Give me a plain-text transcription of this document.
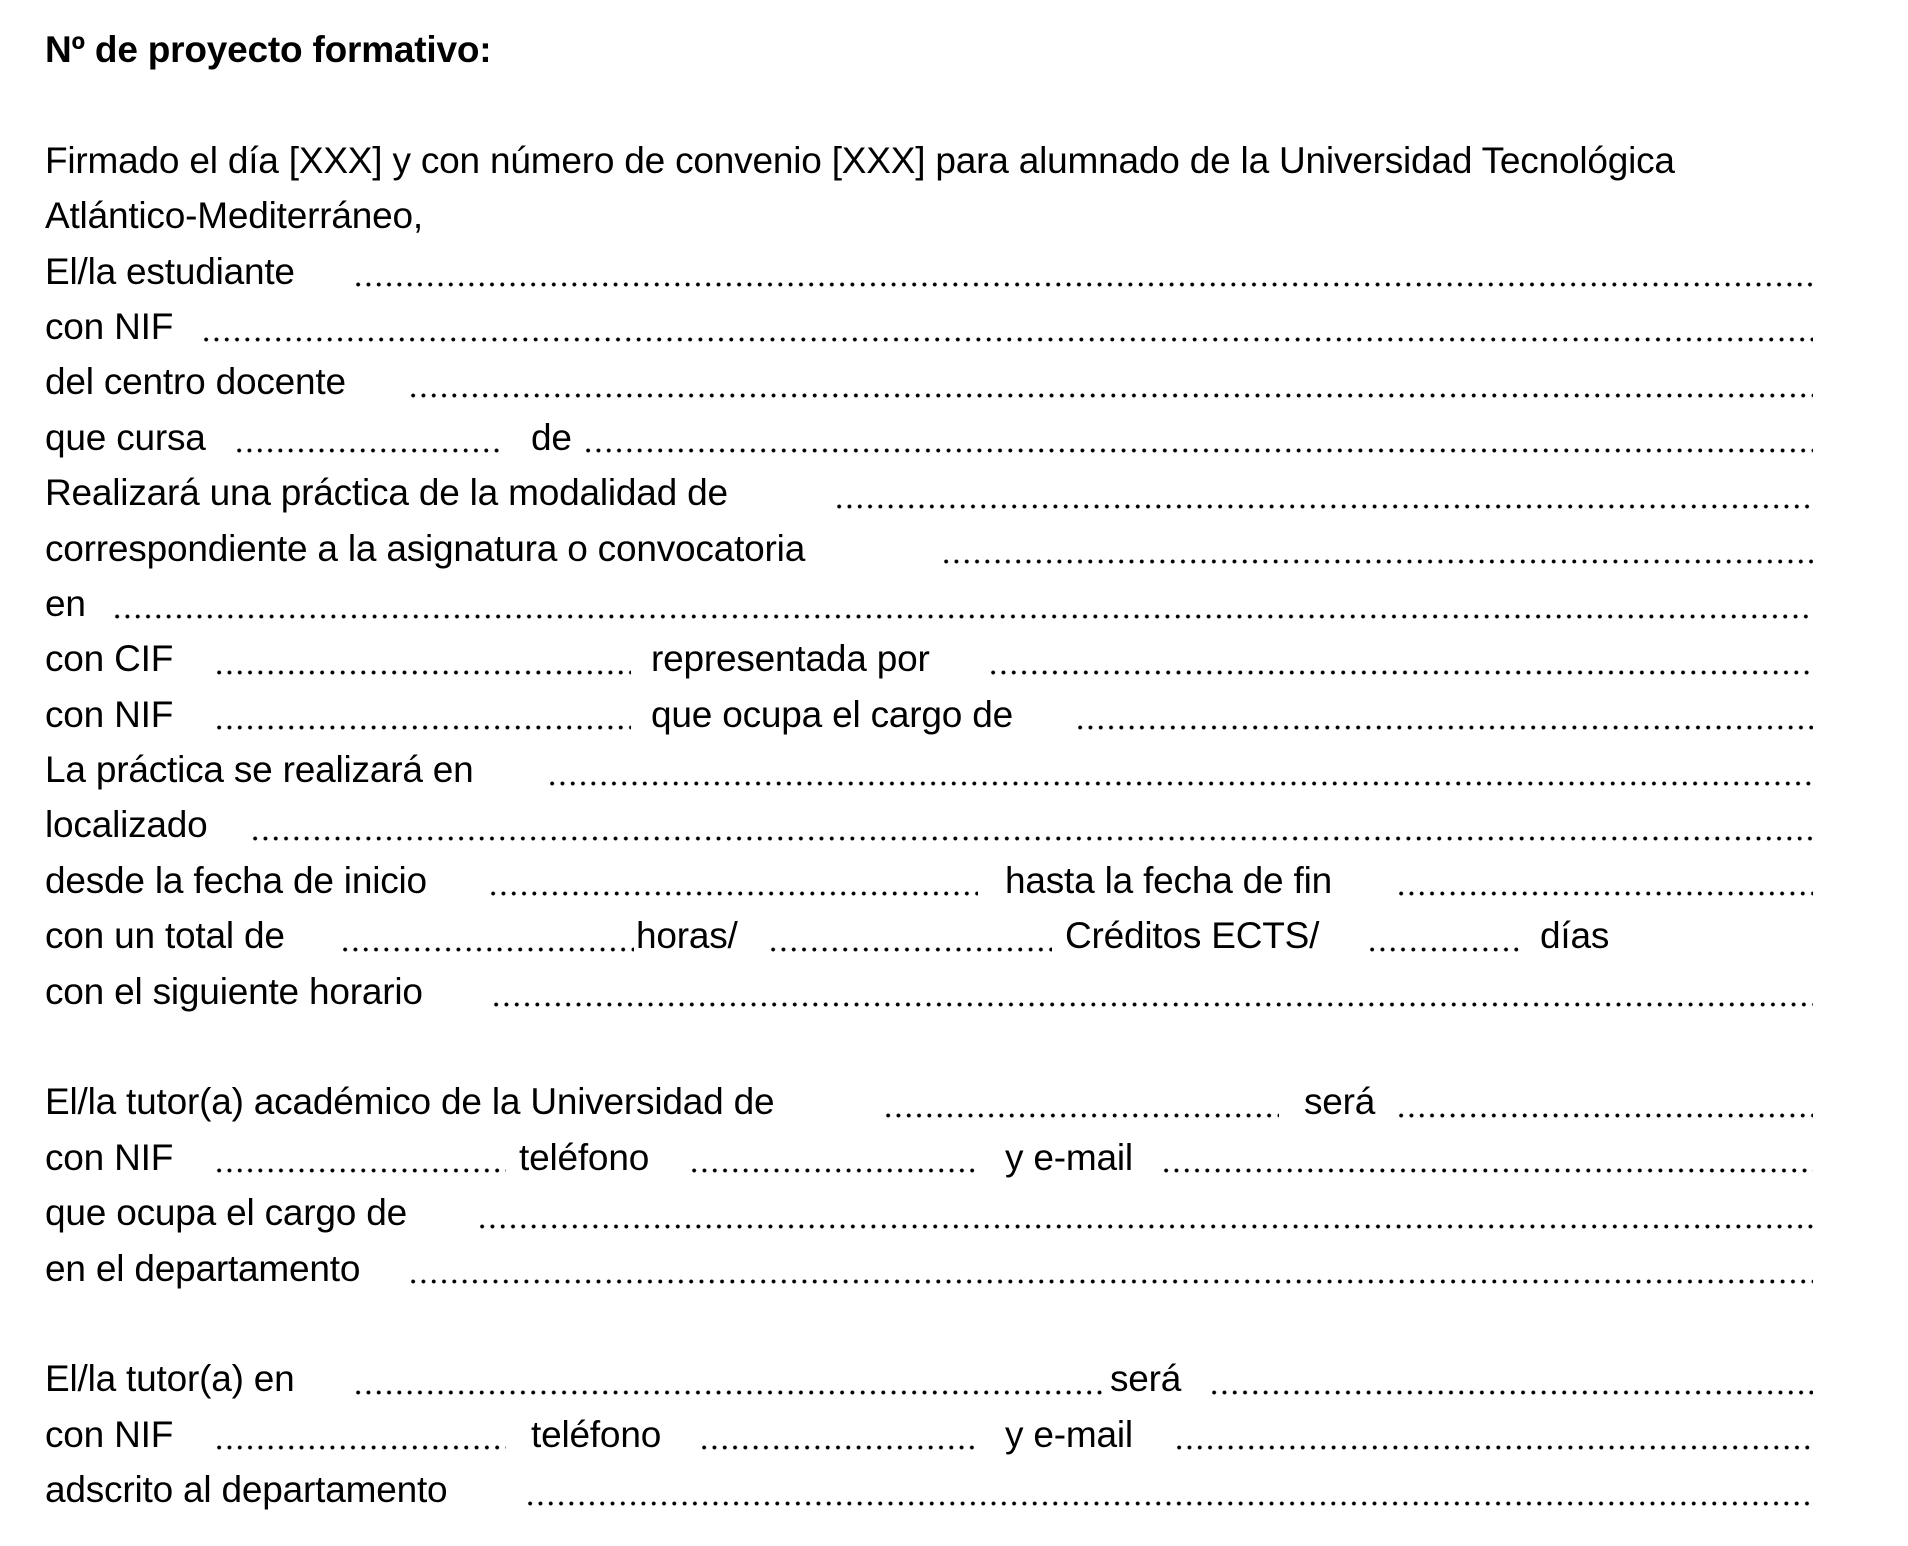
Nº de proyecto formativo:
Firmado el día [XXX] y con número de convenio [XXX] para alumnado de la Universidad Tecnológica
Atlántico-Mediterráneo,
El/la estudiante
con NIF
del centro docente
que cursa	de
Realizará una práctica de la modalidad de
correspondiente a la asignatura o convocatoria
en
con CIF	representada por
con NIF	que ocupa el cargo de
La práctica se realizará en
localizado
desde la fecha de inicio	hasta la fecha de fin
con un total de	horas/	Créditos ECTS/	días
con el siguiente horario
El/la tutor(a) académico de la Universidad de	será
con NIF	teléfono	y e-mail
que ocupa el cargo de
en el departamento
El/la tutor(a) en	será
con NIF	teléfono	y e-mail
adscrito al departamento
